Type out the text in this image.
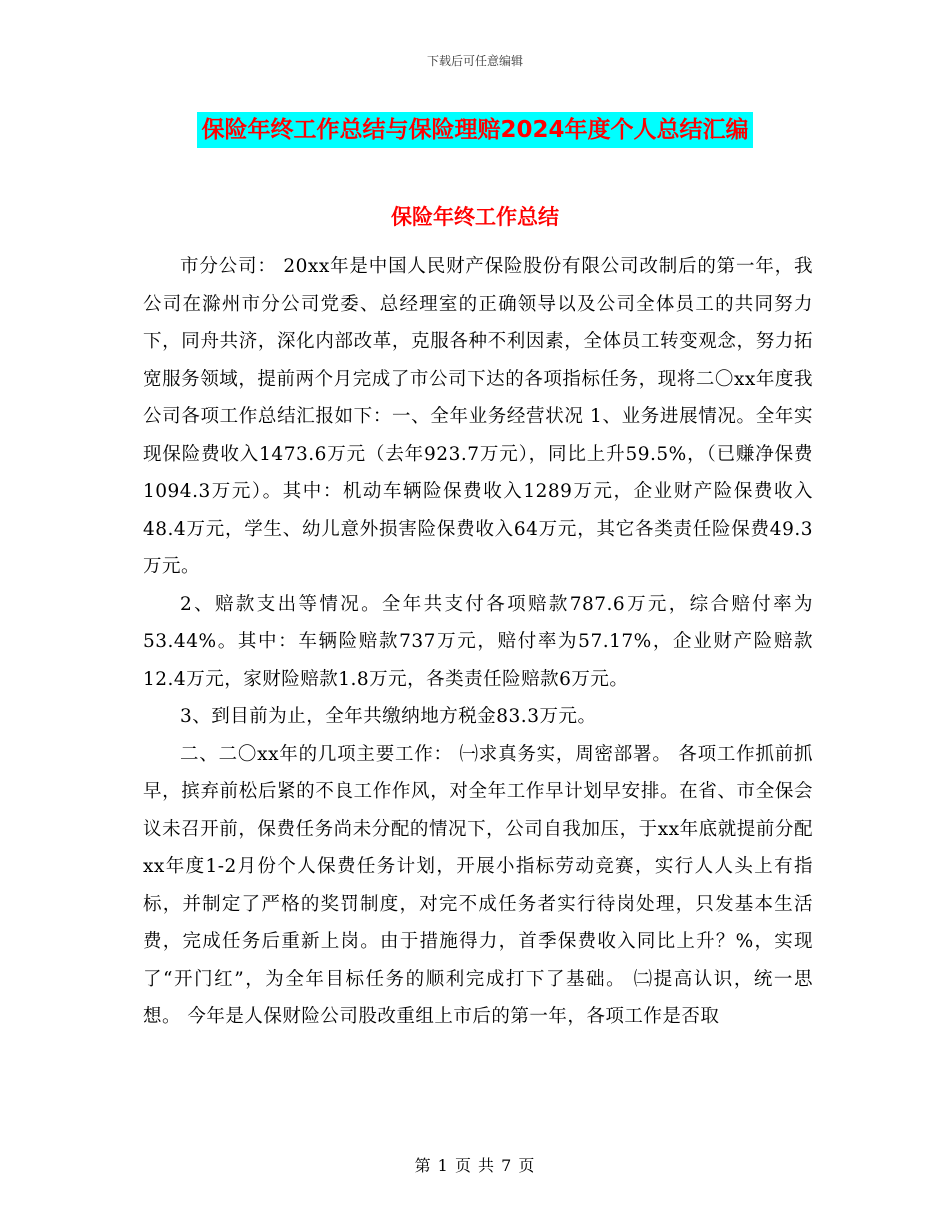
下载后可任意编辑
保险年终工作总结与保险理赔2024年度个人总结汇编
保险年终工作总结

市分公司： 20xx年是中国人民财产保险股份有限公司改制后的第一年，我公司在滁州市分公司党委、总经理室的正确领导以及公司全体员工的共同努力下，同舟共济，深化内部改革，克服各种不利因素，全体员工转变观念，努力拓宽服务领域，提前两个月完成了市公司下达的各项指标任务，现将二〇xx年度我公司各项工作总结汇报如下：一、全年业务经营状况 1、业务进展情况。全年实现保险费收入1473.6万元（去年923.7万元），同比上升59.5%，（已赚净保费1094.3万元）。其中：机动车辆险保费收入1289万元，企业财产险保费收入48.4万元，学生、幼儿意外损害险保费收入64万元，其它各类责任险保费49.3万元。

2、赔款支出等情况。全年共支付各项赔款787.6万元，综合赔付率为53.44%。其中：车辆险赔款737万元，赔付率为57.17%，企业财产险赔款12.4万元，家财险赔款1.8万元，各类责任险赔款6万元。

3、到目前为止，全年共缴纳地方税金83.3万元。

二、二〇xx年的几项主要工作： ㈠求真务实，周密部署。 各项工作抓前抓早，摈弃前松后紧的不良工作作风，对全年工作早计划早安排。在省、市全保会议未召开前，保费任务尚未分配的情况下，公司自我加压，于xx年底就提前分配xx年度1-2月份个人保费任务计划，开展小指标劳动竞赛，实行人人头上有指标，并制定了严格的奖罚制度，对完不成任务者实行待岗处理，只发基本生活费，完成任务后重新上岗。由于措施得力，首季保费收入同比上升？%，实现了“开门红”，为全年目标任务的顺利完成打下了基础。 ㈡提高认识，统一思想。 今年是人保财险公司股改重组上市后的第一年，各项工作是否取

第 1 页 共 7 页
